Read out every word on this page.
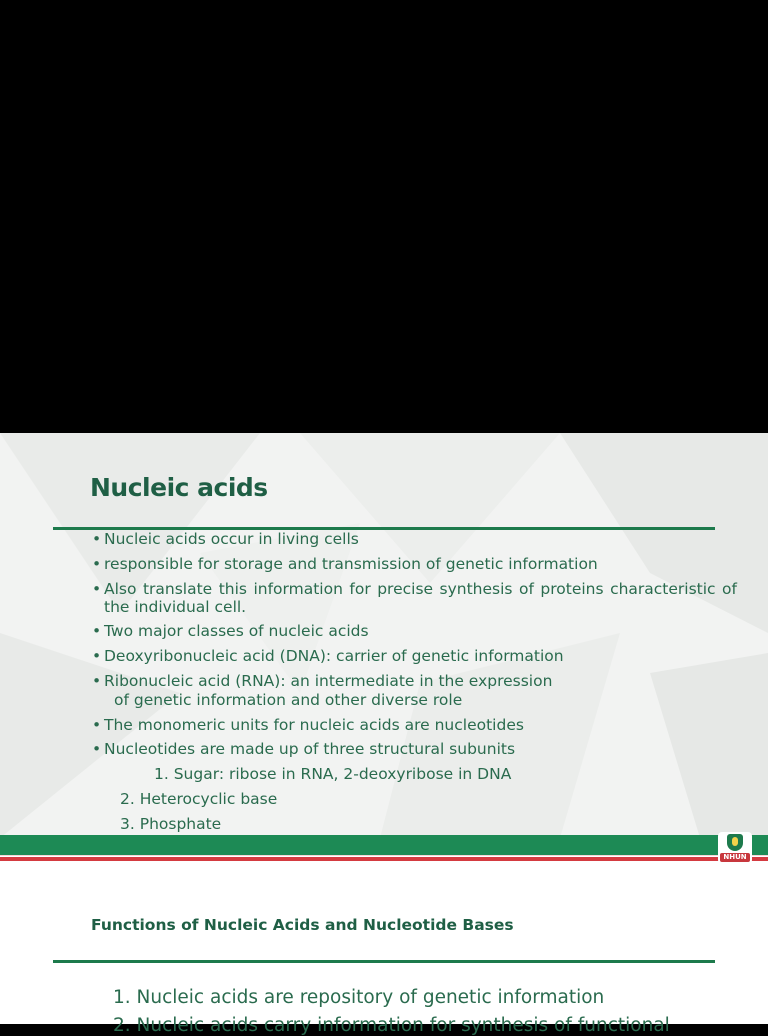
Nucleic acids
• Nucleic acids occur in living cells
• responsible for storage and transmission of genetic information
• Also translate this information for precise synthesis of proteins characteristic of the individual cell.
• Two major classes of nucleic acids
• Deoxyribonucleic acid (DNA): carrier of genetic information
• Ribonucleic acid (RNA): an intermediate in the expression
of genetic information and other diverse role
• The monomeric units for nucleic acids are nucleotides
• Nucleotides are made up of three structural subunits
1. Sugar: ribose in RNA, 2-deoxyribose in DNA
2. Heterocyclic base
3. Phosphate
NHUN
Functions of Nucleic Acids and Nucleotide Bases
1. Nucleic acids are repository of genetic information
2. Nucleic acids carry information for synthesis of functional
